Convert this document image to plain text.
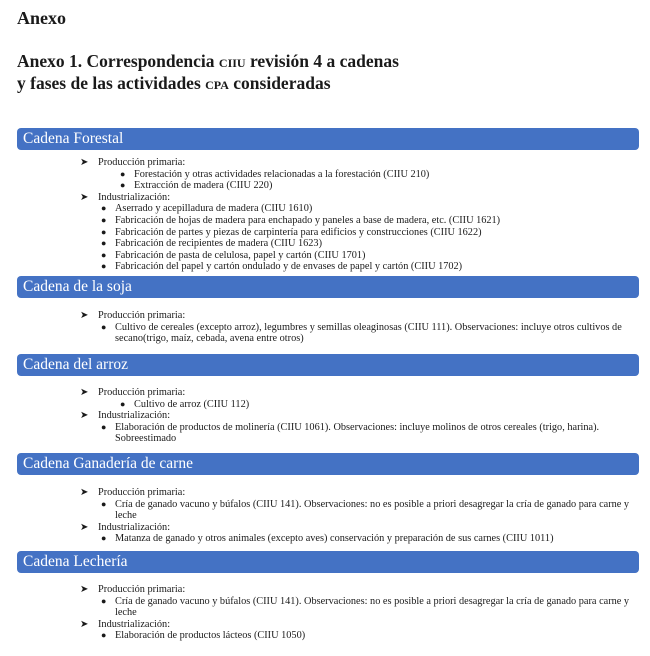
Anexo
Anexo 1. Correspondencia ciiu revisión 4 a cadenas
y fases de las actividades cpa consideradas
Cadena Forestal
➤ Producción primaria:
● Forestación y otras actividades relacionadas a la forestación (CIIU 210)
● Extracción de madera (CIIU 220)
➤ Industrialización:
● Aserrado y acepilladura de madera (CIIU 1610)
● Fabricación de hojas de madera para enchapado y paneles a base de madera, etc. (CIIU 1621)
● Fabricación de partes y piezas de carpintería para edificios y construcciones (CIIU 1622)
● Fabricación de recipientes de madera (CIIU 1623)
● Fabricación de pasta de celulosa, papel y cartón (CIIU 1701)
● Fabricación del papel y cartón ondulado y de envases de papel y cartón (CIIU 1702)
Cadena de la soja
➤ Producción primaria:
● Cultivo de cereales (excepto arroz), legumbres y semillas oleaginosas (CIIU 111). Observaciones: incluye otros cultivos de secano(trigo, maíz, cebada, avena entre otros)
Cadena del arroz
➤ Producción primaria:
● Cultivo de arroz (CIIU 112)
➤ Industrialización:
● Elaboración de productos de molinería (CIIU 1061). Observaciones: incluye molinos de otros cereales (trigo, harina). Sobreestimado
Cadena Ganadería de carne
➤ Producción primaria:
● Cría de ganado vacuno y búfalos (CIIU 141). Observaciones: no es posible a priori desagregar la cría de ganado para carne y leche
➤ Industrialización:
● Matanza de ganado y otros animales (excepto aves) conservación y preparación de sus carnes (CIIU 1011)
Cadena Lechería
➤ Producción primaria:
● Cría de ganado vacuno y búfalos (CIIU 141). Observaciones: no es posible a priori desagregar la cría de ganado para carne y leche
➤ Industrialización:
● Elaboración de productos lácteos (CIIU 1050)
